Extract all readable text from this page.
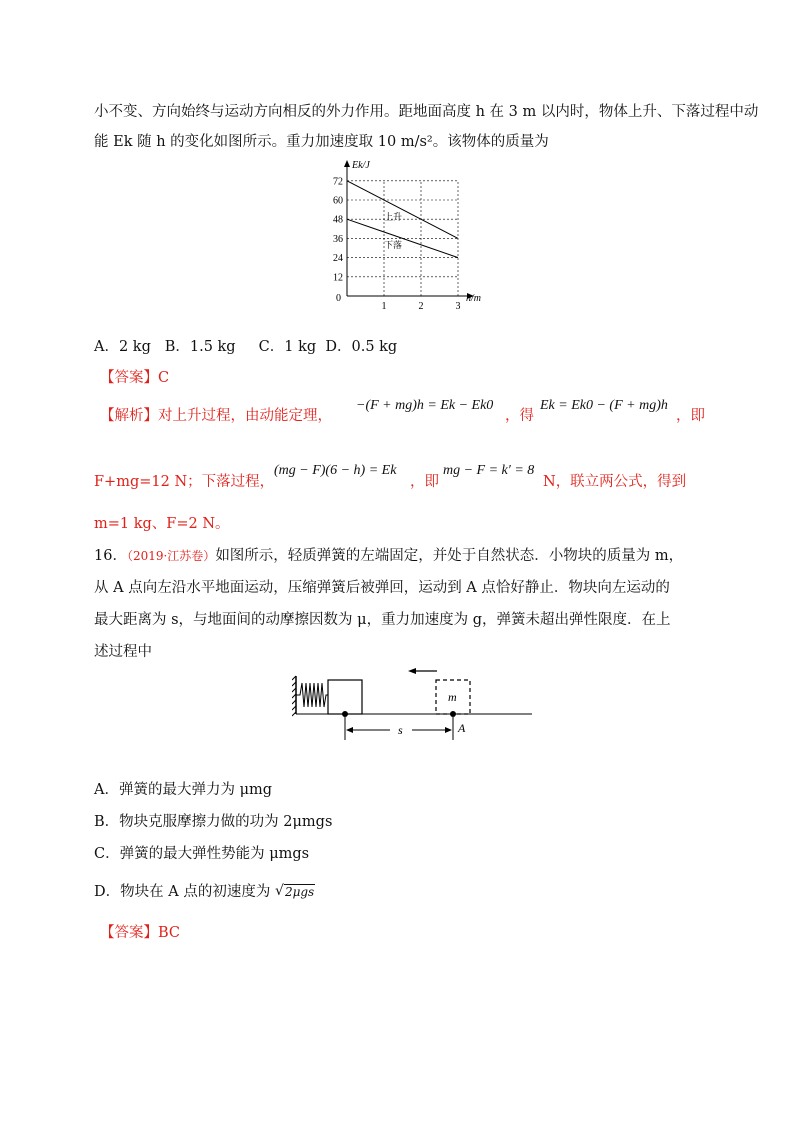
小不变、方向始终与运动方向相反的外力作用。距地面高度 h 在 3 m 以内时，物体上升、下落过程中动
能 Ek 随 h 的变化如图所示。重力加速度取 10 m/s²。该物体的质量为
72
60
48
36
24
12
1	2	3
0
Ek/J
h/m
上升
下落
A．2 kg   B．1.5 kg     C．1 kg  D．0.5 kg
【答案】C
【解析】对上升过程，由动能定理，
−(F + mg)h = Ek − Ek0
，得
Ek = Ek0 − (F + mg)h
，即
F+mg=12 N；下落过程，
(mg − F)(6 − h) = Ek
，即
mg − F = k′ = 8
N，联立两公式，得到
m=1 kg、F=2 N。
16．（2019·江苏卷）如图所示，轻质弹簧的左端固定，并处于自然状态．小物块的质量为 m，
从 A 点向左沿水平地面运动，压缩弹簧后被弹回，运动到 A 点恰好静止．物块向左运动的
最大距离为 s，与地面间的动摩擦因数为 μ，重力加速度为 g，弹簧未超出弹性限度．在上
述过程中
m
s	A
A．弹簧的最大弹力为 μmg
B．物块克服摩擦力做的功为 2μmgs
C．弹簧的最大弹性势能为 μmgs
D．物块在 A 点的初速度为 √ 2μgs
【答案】BC
